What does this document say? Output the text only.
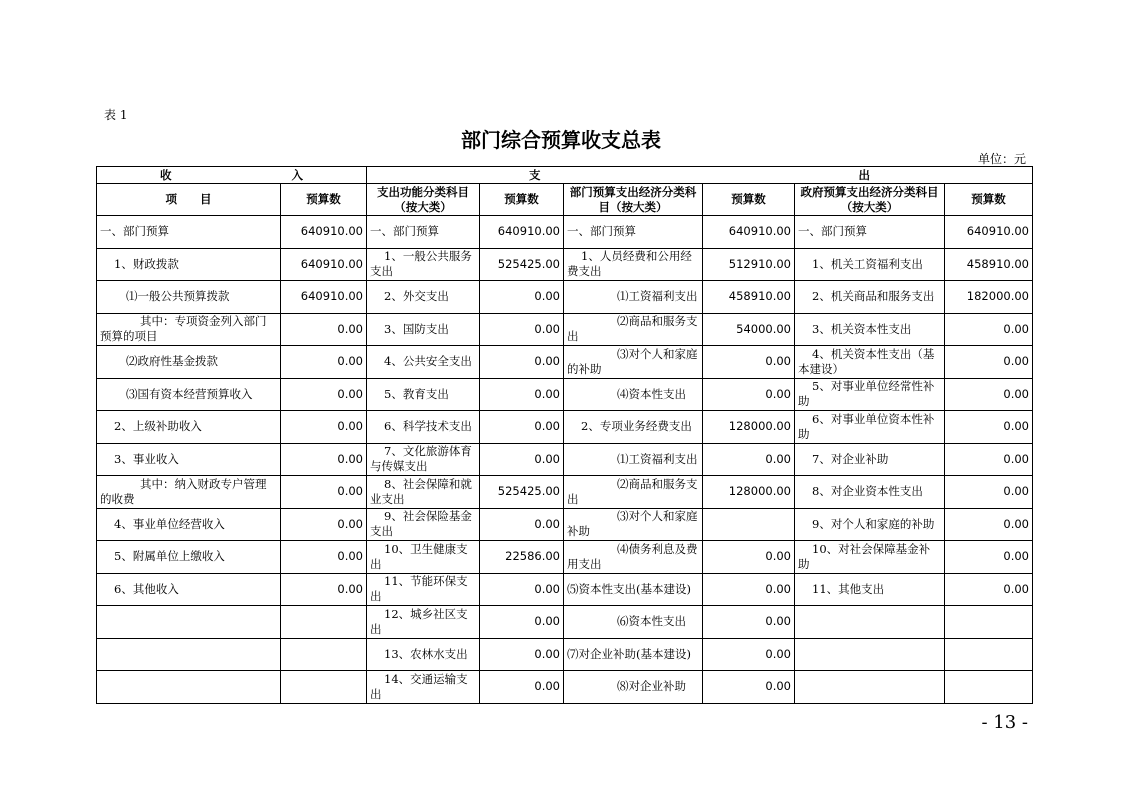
表 1
部门综合预算收支总表
单位：元
收 入		支 出					

项　　目	预算数	支出功能分类科目（按大类）	预算数	部门预算支出经济分类科目（按大类）	预算数	政府预算支出经济分类科目（按大类）	预算数
一、部门预算	640910.00	一、部门预算	640910.00	一、部门预算	640910.00	一、部门预算	640910.00
1、财政拨款	640910.00	1、一般公共服务支出	525425.00	1、人员经费和公用经费支出	512910.00	1、机关工资福利支出	458910.00
⑴一般公共预算拨款	640910.00	2、外交支出	0.00	⑴工资福利支出	458910.00	2、机关商品和服务支出	182000.00
其中：专项资金列入部门预算的项目	0.00	3、国防支出	0.00	⑵商品和服务支出	54000.00	3、机关资本性支出	0.00
⑵政府性基金拨款	0.00	4、公共安全支出	0.00	⑶对个人和家庭的补助	0.00	4、机关资本性支出（基本建设）	0.00
⑶国有资本经营预算收入	0.00	5、教育支出	0.00	⑷资本性支出	0.00	5、对事业单位经常性补助	0.00
2、上级补助收入	0.00	6、科学技术支出	0.00	2、专项业务经费支出	128000.00	6、对事业单位资本性补助	0.00
3、事业收入	0.00	7、文化旅游体育与传媒支出	0.00	⑴工资福利支出	0.00	7、对企业补助	0.00
其中：纳入财政专户管理的收费	0.00	8、社会保障和就业支出	525425.00	⑵商品和服务支出	128000.00	8、对企业资本性支出	0.00
4、事业单位经营收入	0.00	9、社会保险基金支出	0.00	⑶对个人和家庭补助		9、对个人和家庭的补助	0.00
5、附属单位上缴收入	0.00	10、卫生健康支出	22586.00	⑷债务利息及费用支出	0.00	10、对社会保障基金补助	0.00
6、其他收入	0.00	11、节能环保支出	0.00	⑸资本性支出(基本建设)	0.00	11、其他支出	0.00
		12、城乡社区支出	0.00	⑹资本性支出	0.00		
		13、农林水支出	0.00	⑺对企业补助(基本建设)	0.00		
		14、交通运输支出	0.00	⑻对企业补助	0.00		
- 13 -
